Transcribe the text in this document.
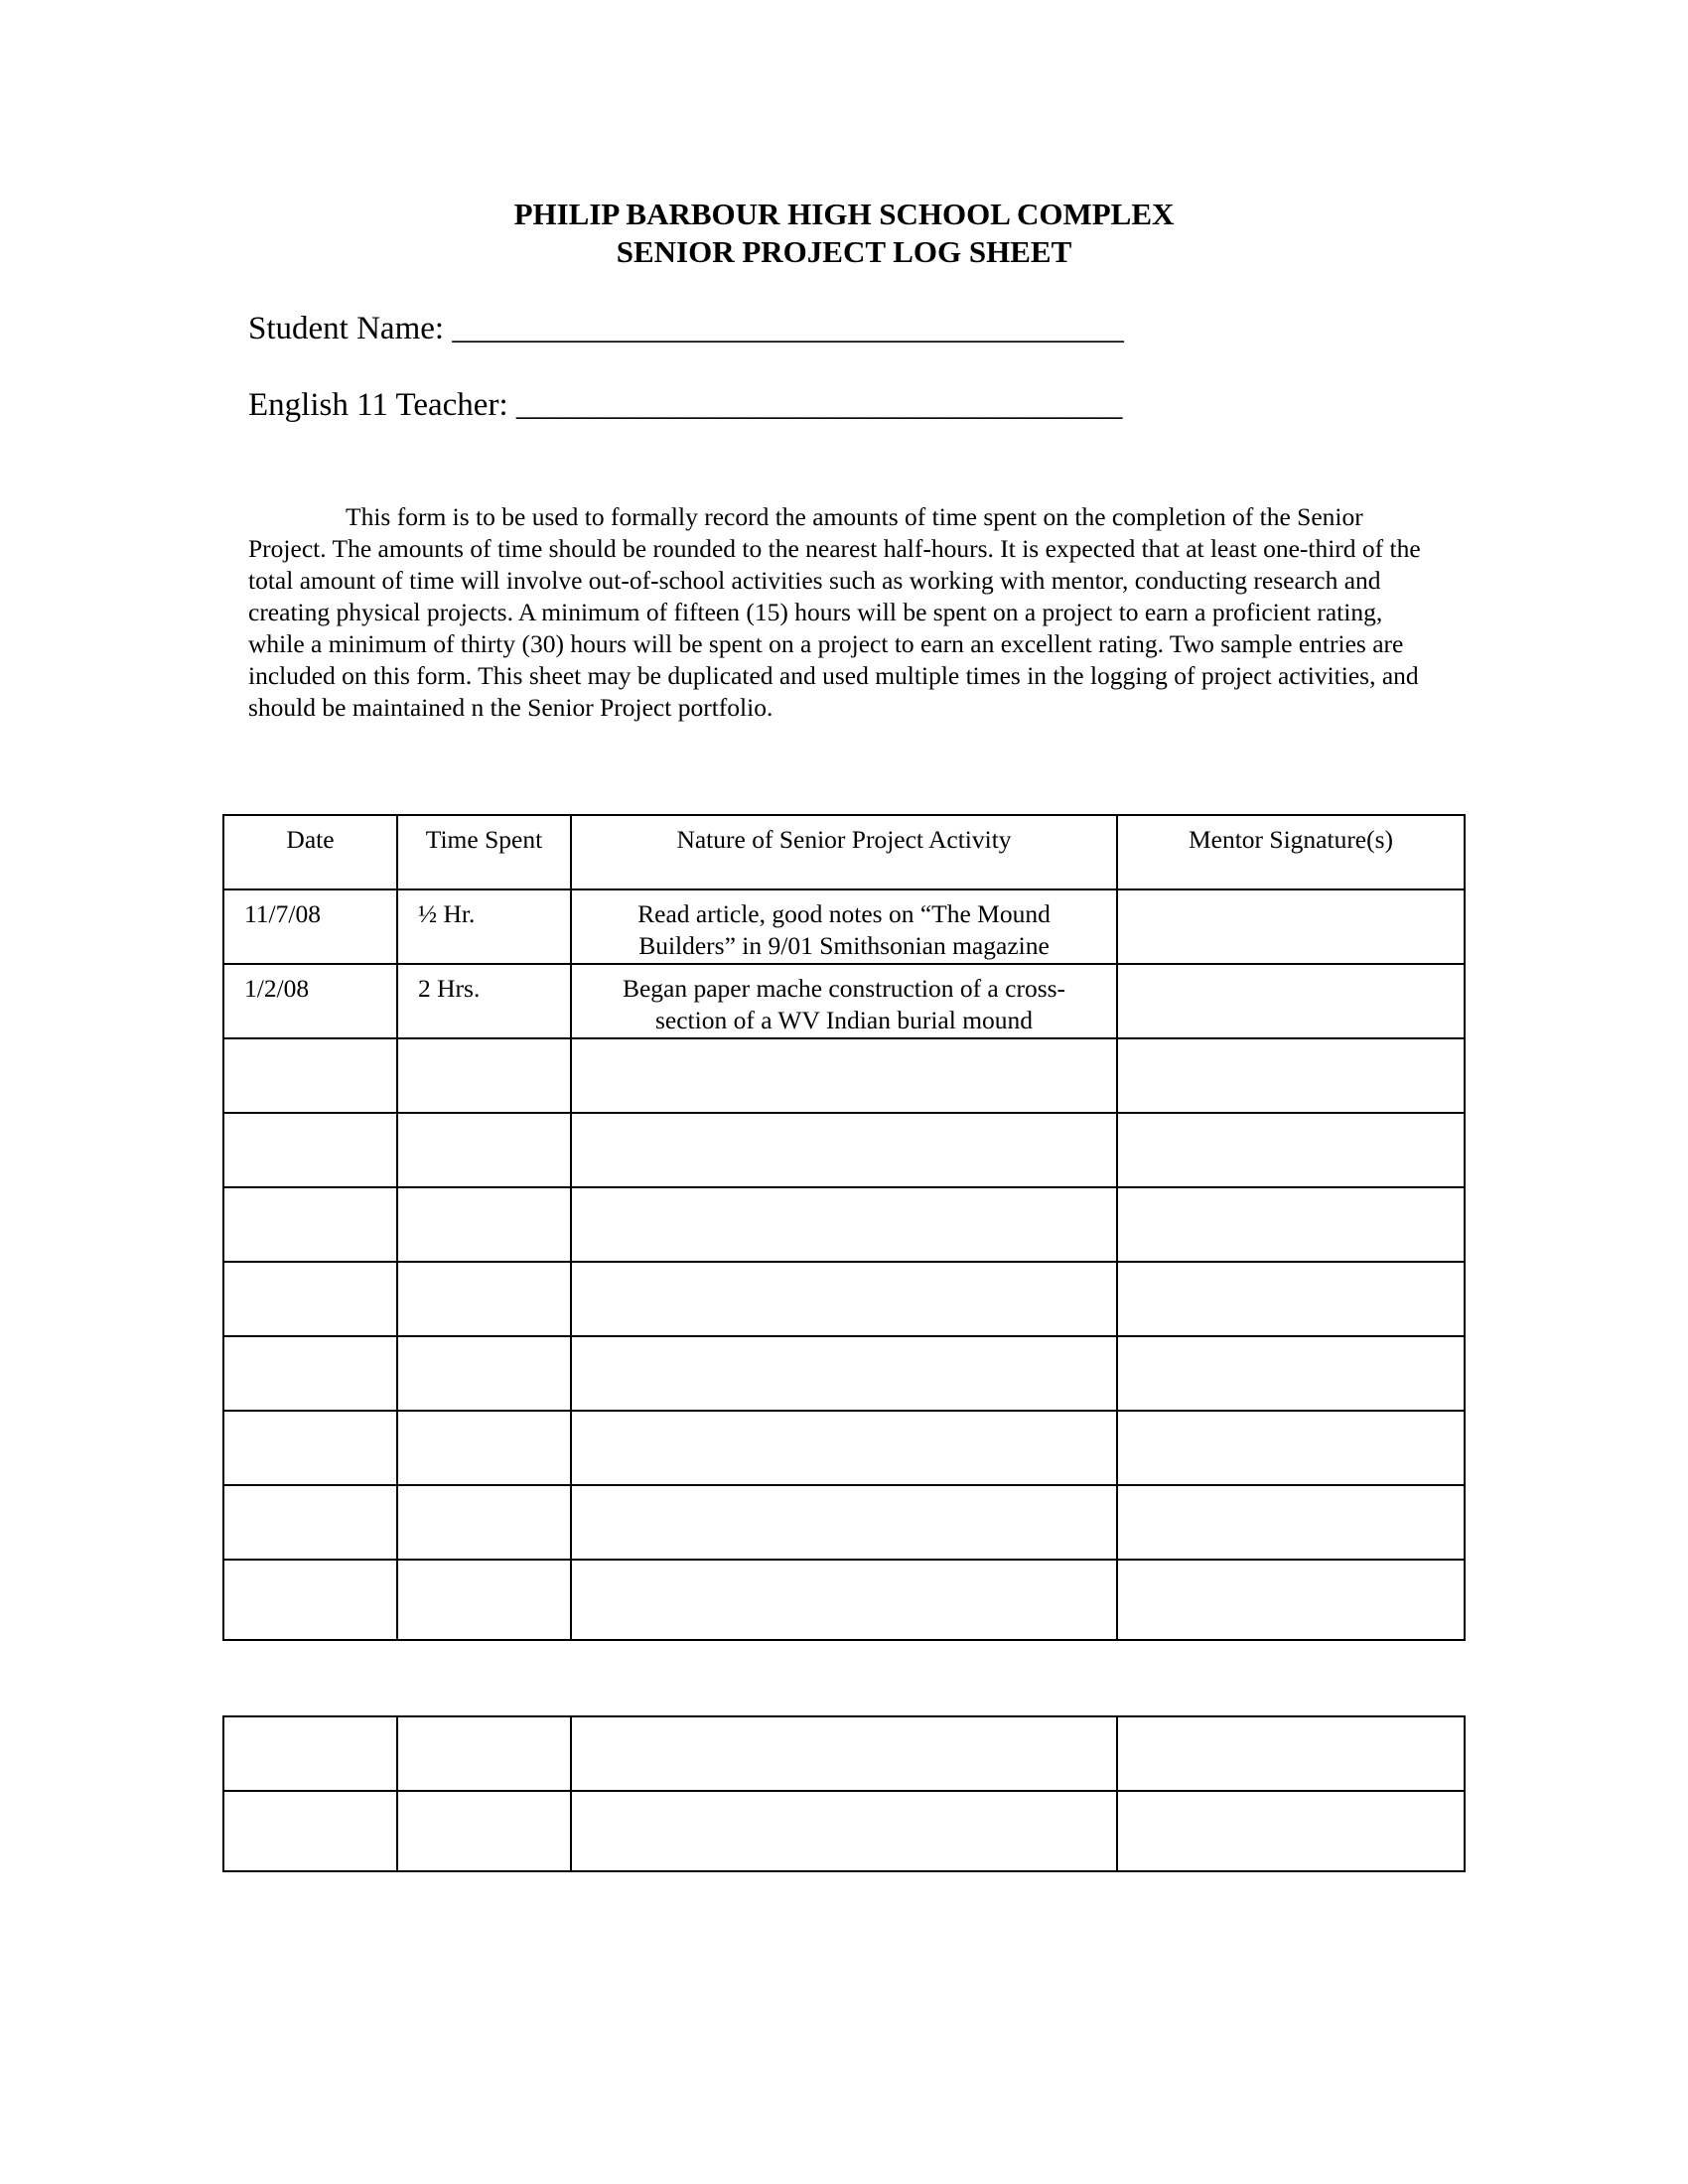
PHILIP BARBOUR HIGH SCHOOL COMPLEX
SENIOR PROJECT LOG SHEET
Student Name: _________________________________________
English 11 Teacher: _____________________________________
This form is to be used to formally record the amounts of time spent on the completion of the Senior Project. The amounts of time should be rounded to the nearest half-hours. It is expected that at least one-third of the total amount of time will involve out-of-school activities such as working with mentor, conducting research and creating physical projects. A minimum of fifteen (15) hours will be spent on a project to earn a proficient rating, while a minimum of thirty (30) hours will be spent on a project to earn an excellent rating. Two sample entries are included on this form. This sheet may be duplicated and used multiple times in the logging of project activities, and should be maintained n the Senior Project portfolio.
Date	Time Spent	Nature of Senior Project Activity	Mentor Signature(s)
11/7/08	½ Hr.	Read article, good notes on “The Mound
Builders” in 9/01 Smithsonian magazine	

1/2/08	2 Hrs.	Began paper mache construction of a cross-
section of a WV Indian burial mound	
